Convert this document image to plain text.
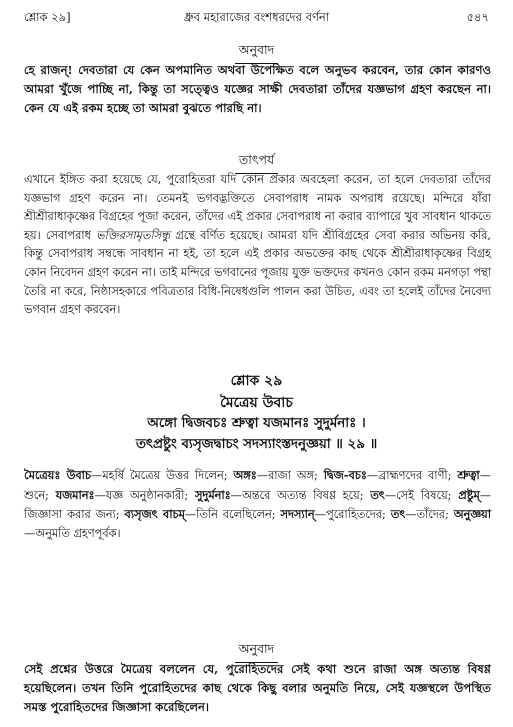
শ্লোক ২৯]	ধ্রুব মহারাজের বংশধরদের বর্ণনা	৫৪৭
অনুবাদ

হে রাজন্! দেবতারা যে কেন অপমানিত অথবা উপেক্ষিত বলে অনুভব করবেন, তার কোন কারণও আমরা খুঁজে পাচ্ছি না, কিন্তু তা সত্ত্বেও যজ্ঞের সাক্ষী দেবতারা তাঁদের যজ্ঞভাগ গ্রহণ করছেন না। কেন যে এই রকম হচ্ছে তা আমরা বুঝতে পারছি না।

তাৎপর্য

এখানে ইঙ্গিত করা হয়েছে যে, পুরোহিতরা যদি কোন প্রকার অবহেলা করেন, তা হলে দেবতারা তাঁদের যজ্ঞভাগ গ্রহণ করেন না। তেমনই ভগবদ্ভক্তিতে সেবাপরাধ নামক অপরাধ রয়েছে। মন্দিরে যাঁরা শ্রীশ্রীরাধাকৃষ্ণের বিগ্রহের পূজা করেন, তাঁদের এই প্রকার সেবাপরাধ না করার ব্যাপারে খুব সাবধান থাকতে হয়। সেবাপরাধ ভক্তিরসামৃতসিন্ধু গ্রন্থে বর্ণিত হয়েছে। আমরা যদি শ্রীবিগ্রহের সেবা করার অভিনয় করি, কিন্তু সেবাপরাধ সম্বন্ধে সাবধান না হই, তা হলে এই প্রকার অভক্তের কাছ থেকে শ্রীশ্রীরাধাকৃষ্ণের বিগ্রহ কোন নিবেদন গ্রহণ করেন না। তাই মন্দিরে ভগবানের পূজায় যুক্ত ভক্তদের কখনও কোন রকম মনগড়া পন্থা তৈরি না করে, নিষ্ঠাসহকারে পবিত্রতার বিধি-নিষেধগুলি পালন করা উচিত, এবং তা হলেই তাঁদের নৈবেদ্য ভগবান গ্রহণ করবেন।

শ্লোক ২৯
মৈত্রেয় উবাচ
অঙ্গো দ্বিজবচঃ শ্রুত্বা যজমানঃ সুদুর্মনাঃ ।
তৎপ্রষ্টুং ব্যসৃজদ্বাচং সদস্যাংস্তদনুজ্ঞয়া ॥ ২৯ ॥

মৈত্রেয়ঃ উবাচ—মহর্ষি মৈত্রেয় উত্তর দিলেন; অঙ্গঃ—রাজা অঙ্গ; দ্বিজ-বচঃ—ব্রাহ্মণদের বাণী; শ্রুত্বা—শুনে; যজমানঃ—যজ্ঞ অনুষ্ঠানকারী; সুদুর্মনাঃ—অন্তরে অত্যন্ত বিষণ্ণ হয়ে; তৎ—সেই বিষয়ে; প্রষ্টুম্—জিজ্ঞাসা করার জন্য; ব্যসৃজৎ বাচম্—তিনি বলেছিলেন; সদস্যান্—পুরোহিতদের; তৎ—তাঁদের; অনুজ্ঞয়া—অনুমতি গ্রহণপূর্বক।

অনুবাদ

সেই প্রশ্নের উত্তরে মৈত্রেয় বললেন যে, পুরোহিতদের সেই কথা শুনে রাজা অঙ্গ অত্যন্ত বিষণ্ণ হয়েছিলেন। তখন তিনি পুরোহিতদের কাছ থেকে কিছু বলার অনুমতি নিয়ে, সেই যজ্ঞস্থলে উপস্থিত সমস্ত পুরোহিতদের জিজ্ঞাসা করেছিলেন।
